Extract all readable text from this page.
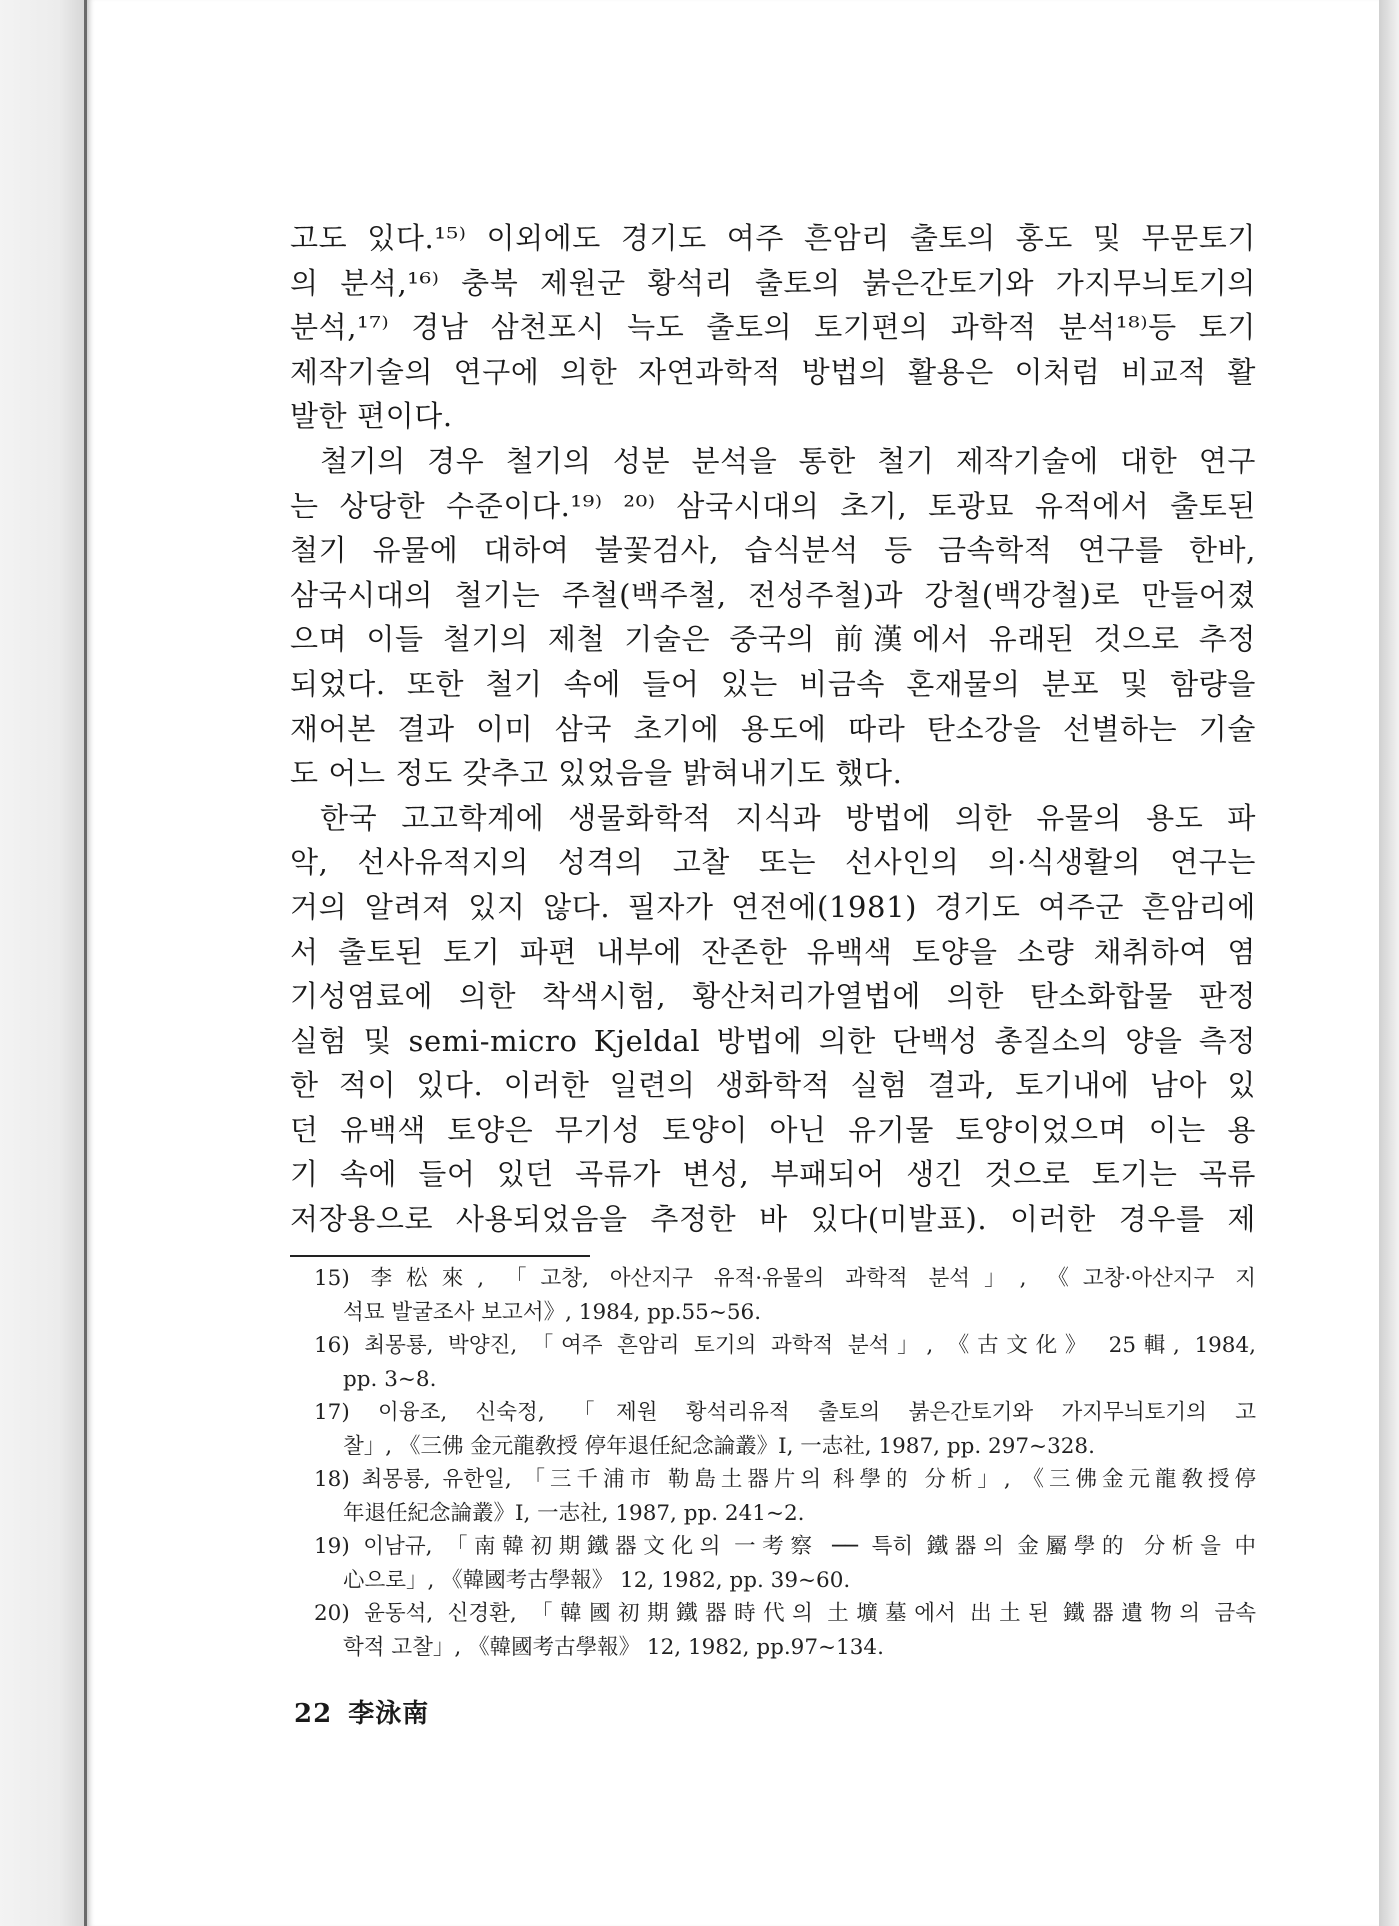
고도 있다.¹⁵⁾ 이외에도 경기도 여주 흔암리 출토의 홍도 및 무문토기
의 분석,¹⁶⁾ 충북 제원군 황석리 출토의 붉은간토기와 가지무늬토기의
분석,¹⁷⁾ 경남 삼천포시 늑도 출토의 토기편의 과학적 분석¹⁸⁾등 토기
제작기술의 연구에 의한 자연과학적 방법의 활용은 이처럼 비교적 활
발한 편이다.
철기의 경우 철기의 성분 분석을 통한 철기 제작기술에 대한 연구
는 상당한 수준이다.¹⁹⁾ ²⁰⁾ 삼국시대의 초기, 토광묘 유적에서 출토된
철기 유물에 대하여 불꽃검사, 습식분석 등 금속학적 연구를 한바,
삼국시대의 철기는 주철(백주철, 전성주철)과 강철(백강철)로 만들어졌
으며 이들 철기의 제철 기술은 중국의 前漢에서 유래된 것으로 추정
되었다. 또한 철기 속에 들어 있는 비금속 혼재물의 분포 및 함량을
재어본 결과 이미 삼국 초기에 용도에 따라 탄소강을 선별하는 기술
도 어느 정도 갖추고 있었음을 밝혀내기도 했다.
한국 고고학계에 생물화학적 지식과 방법에 의한 유물의 용도 파
악, 선사유적지의 성격의 고찰 또는 선사인의 의·식생활의 연구는
거의 알려져 있지 않다. 필자가 연전에(1981) 경기도 여주군 흔암리에
서 출토된 토기 파편 내부에 잔존한 유백색 토양을 소량 채취하여 염
기성염료에 의한 착색시험, 황산처리가열법에 의한 탄소화합물 판정
실험 및 semi-micro Kjeldal 방법에 의한 단백성 총질소의 양을 측정
한 적이 있다. 이러한 일련의 생화학적 실험 결과, 토기내에 남아 있
던 유백색 토양은 무기성 토양이 아닌 유기물 토양이었으며 이는 용
기 속에 들어 있던 곡류가 변성, 부패되어 생긴 것으로 토기는 곡류
저장용으로 사용되었음을 추정한 바 있다(미발표). 이러한 경우를 제
15) 李松來, 「고창, 아산지구 유적·유물의 과학적 분석」, 《고창·아산지구 지
석묘 발굴조사 보고서》, 1984, pp.55~56.
16) 최몽룡, 박양진, 「여주 흔암리 토기의 과학적 분석」, 《古文化》 25輯, 1984,
pp. 3~8.
17) 이융조, 신숙정, 「제원 황석리유적 출토의 붉은간토기와 가지무늬토기의 고
찰」, 《三佛 金元龍敎授 停年退任紀念論叢》Ⅰ, 一志社, 1987, pp. 297~328.
18) 최몽룡, 유한일, 「三千浦市 勒島土器片의 科學的 分析」, 《三佛金元龍敎授停
年退任紀念論叢》Ⅰ, 一志社, 1987, pp. 241~2.
19) 이남규, 「南韓初期鐵器文化의 一考察 ── 특히 鐵器의 金屬學的 分析을 中
心으로」, 《韓國考古學報》 12, 1982, pp. 39~60.
20) 윤동석, 신경환, 「韓國初期鐵器時代의 土壙墓에서 出土된 鐵器遺物의 금속
학적 고찰」, 《韓國考古學報》 12, 1982, pp.97~134.
22 李泳南
